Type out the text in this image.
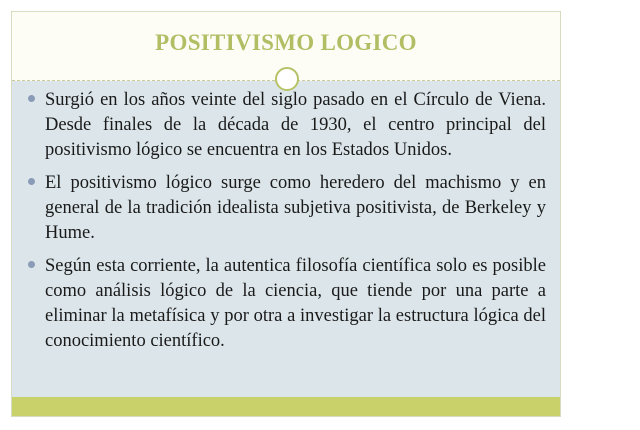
POSITIVISMO LOGICO
Surgió en los años veinte del siglo pasado en el Círculo de Viena. Desde finales de la década de 1930, el centro principal del positivismo lógico se encuentra en los Estados Unidos.
El positivismo lógico surge como heredero del machismo y en general de la tradición idealista subjetiva positivista, de Berkeley y Hume.
Según esta corriente, la autentica filosofía científica solo es posible como análisis lógico de la ciencia, que tiende por una parte a eliminar la metafísica y por otra a investigar la estructura lógica del conocimiento científico.
